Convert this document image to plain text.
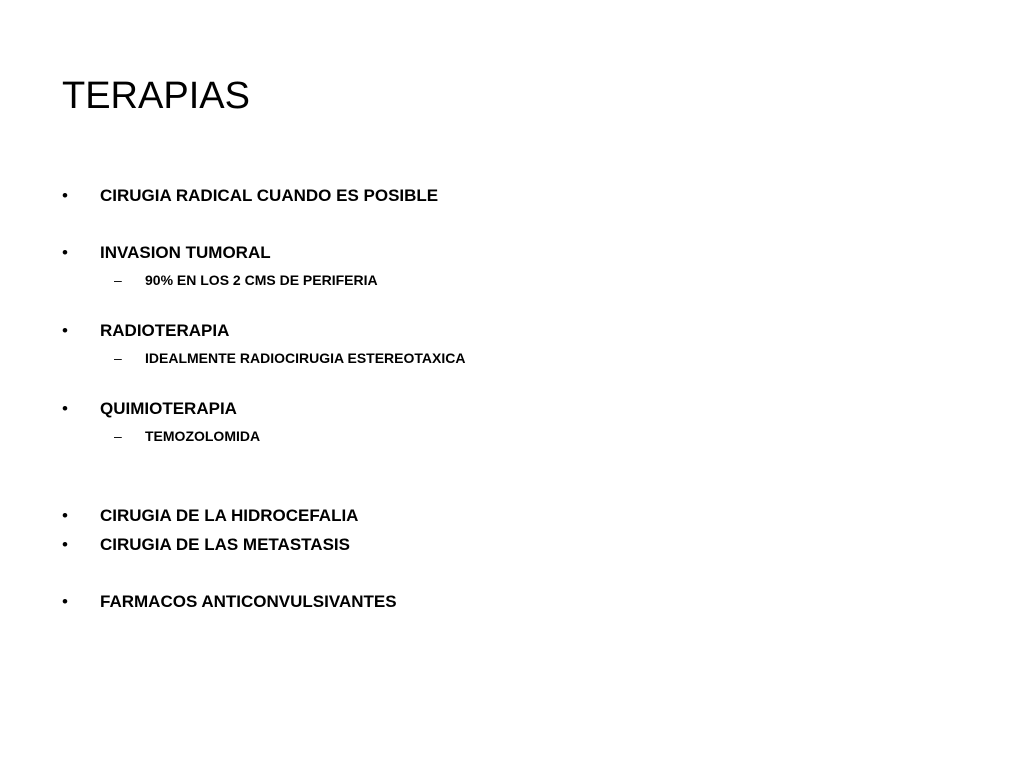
TERAPIAS
• CIRUGIA RADICAL CUANDO ES POSIBLE
• INVASION TUMORAL
– 90% EN LOS 2 CMS DE PERIFERIA
• RADIOTERAPIA
– IDEALMENTE RADIOCIRUGIA ESTEREOTAXICA
• QUIMIOTERAPIA
– TEMOZOLOMIDA
• CIRUGIA DE LA HIDROCEFALIA
• CIRUGIA DE LAS METASTASIS
• FARMACOS ANTICONVULSIVANTES
